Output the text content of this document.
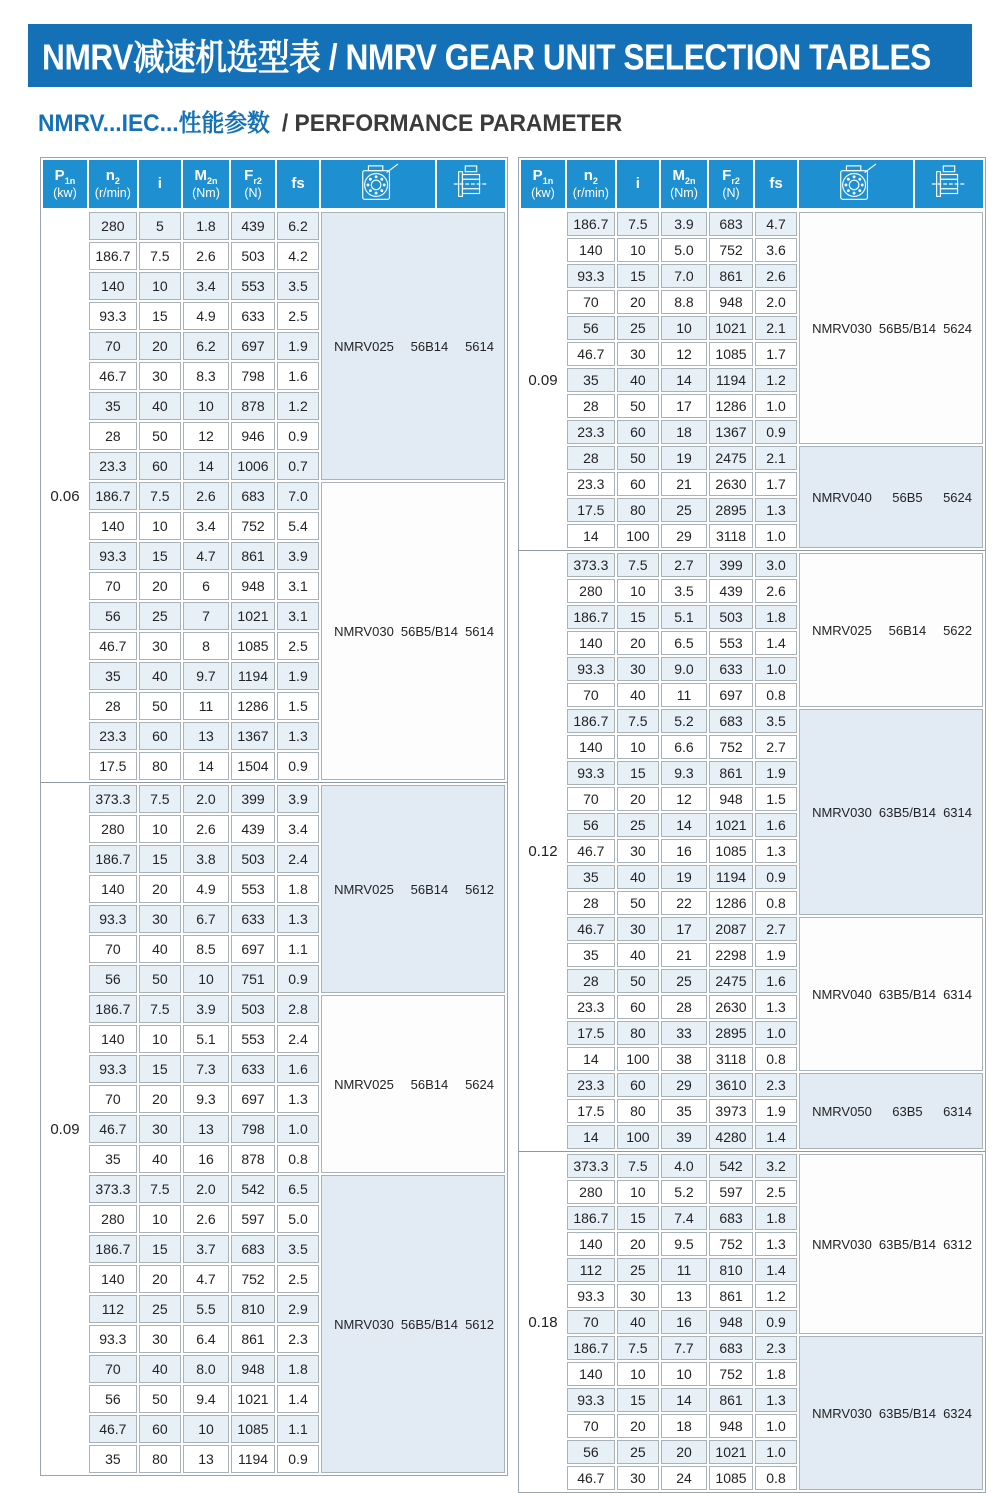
NMRV减速机选型表 / NMRV GEAR UNIT SELECTION TABLES
NMRV...IEC...性能参数 / PERFORMANCE PARAMETER
$P_{1n}$
(kw)

$n_2$
(r/min)

i	$M_{2n}$
(Nm)

$F_{r2}$
(N)

fs

0.06	280	5	1.8	439	6.2	NMRV025 56B14 5614

	186.7	7.5	2.6	503	4.2	
	140	10	3.4	553	3.5	
	93.3	15	4.9	633	2.5	
	70	20	6.2	697	1.9	
	46.7	30	8.3	798	1.6	
	35	40	10	878	1.2	
	28	50	12	946	0.9	
	23.3	60	14	1006	0.7	
	186.7	7.5	2.6	683	7.0	NMRV030 56B5/B14 5614

	140	10	3.4	752	5.4	
	93.3	15	4.7	861	3.9	
	70	20	6	948	3.1	
	56	25	7	1021	3.1	
	46.7	30	8	1085	2.5	
	35	40	9.7	1194	1.9	
	28	50	11	1286	1.5	
	23.3	60	13	1367	1.3	
	17.5	80	14	1504	0.9	
0.09	373.3	7.5	2.0	399	3.9	NMRV025 56B14 5612

	280	10	2.6	439	3.4	
	186.7	15	3.8	503	2.4	
	140	20	4.9	553	1.8	
	93.3	30	6.7	633	1.3	
	70	40	8.5	697	1.1	
	56	50	10	751	0.9	
	186.7	7.5	3.9	503	2.8	NMRV025 56B14 5624

	140	10	5.1	553	2.4	
	93.3	15	7.3	633	1.6	
	70	20	9.3	697	1.3	
	46.7	30	13	798	1.0	
	35	40	16	878	0.8	
	373.3	7.5	2.0	542	6.5	NMRV030 56B5/B14 5612

	280	10	2.6	597	5.0	
	186.7	15	3.7	683	3.5	
	140	20	4.7	752	2.5	
	112	25	5.5	810	2.9	
	93.3	30	6.4	861	2.3	
	70	40	8.0	948	1.8	
	56	50	9.4	1021	1.4	
	46.7	60	10	1085	1.1	
	35	80	13	1194	0.9	
$P_{1n}$
(kw)

$n_2$
(r/min)

i	$M_{2n}$
(Nm)

$F_{r2}$
(N)

fs

0.09	186.7	7.5	3.9	683	4.7	NMRV030 56B5/B14 5624

	140	10	5.0	752	3.6	
	93.3	15	7.0	861	2.6	
	70	20	8.8	948	2.0	
	56	25	10	1021	2.1	
	46.7	30	12	1085	1.7	
	35	40	14	1194	1.2	
	28	50	17	1286	1.0	
	23.3	60	18	1367	0.9	
	28	50	19	2475	2.1	NMRV040 56B5 5624

	23.3	60	21	2630	1.7	
	17.5	80	25	2895	1.3	
	14	100	29	3118	1.0	
0.12	373.3	7.5	2.7	399	3.0	NMRV025 56B14 5622

	280	10	3.5	439	2.6	
	186.7	15	5.1	503	1.8	
	140	20	6.5	553	1.4	
	93.3	30	9.0	633	1.0	
	70	40	11	697	0.8	
	186.7	7.5	5.2	683	3.5	NMRV030 63B5/B14 6314

	140	10	6.6	752	2.7	
	93.3	15	9.3	861	1.9	
	70	20	12	948	1.5	
	56	25	14	1021	1.6	
	46.7	30	16	1085	1.3	
	35	40	19	1194	0.9	
	28	50	22	1286	0.8	
	46.7	30	17	2087	2.7	NMRV040 63B5/B14 6314

	35	40	21	2298	1.9	
	28	50	25	2475	1.6	
	23.3	60	28	2630	1.3	
	17.5	80	33	2895	1.0	
	14	100	38	3118	0.8	
	23.3	60	29	3610	2.3	NMRV050 63B5 6314

	17.5	80	35	3973	1.9	
	14	100	39	4280	1.4	
0.18	373.3	7.5	4.0	542	3.2	NMRV030 63B5/B14 6312

	280	10	5.2	597	2.5	
	186.7	15	7.4	683	1.8	
	140	20	9.5	752	1.3	
	112	25	11	810	1.4	
	93.3	30	13	861	1.2	
	70	40	16	948	0.9	
	186.7	7.5	7.7	683	2.3	NMRV030 63B5/B14 6324

	140	10	10	752	1.8	
	93.3	15	14	861	1.3	
	70	20	18	948	1.0	
	56	25	20	1021	1.0	
	46.7	30	24	1085	0.8	
